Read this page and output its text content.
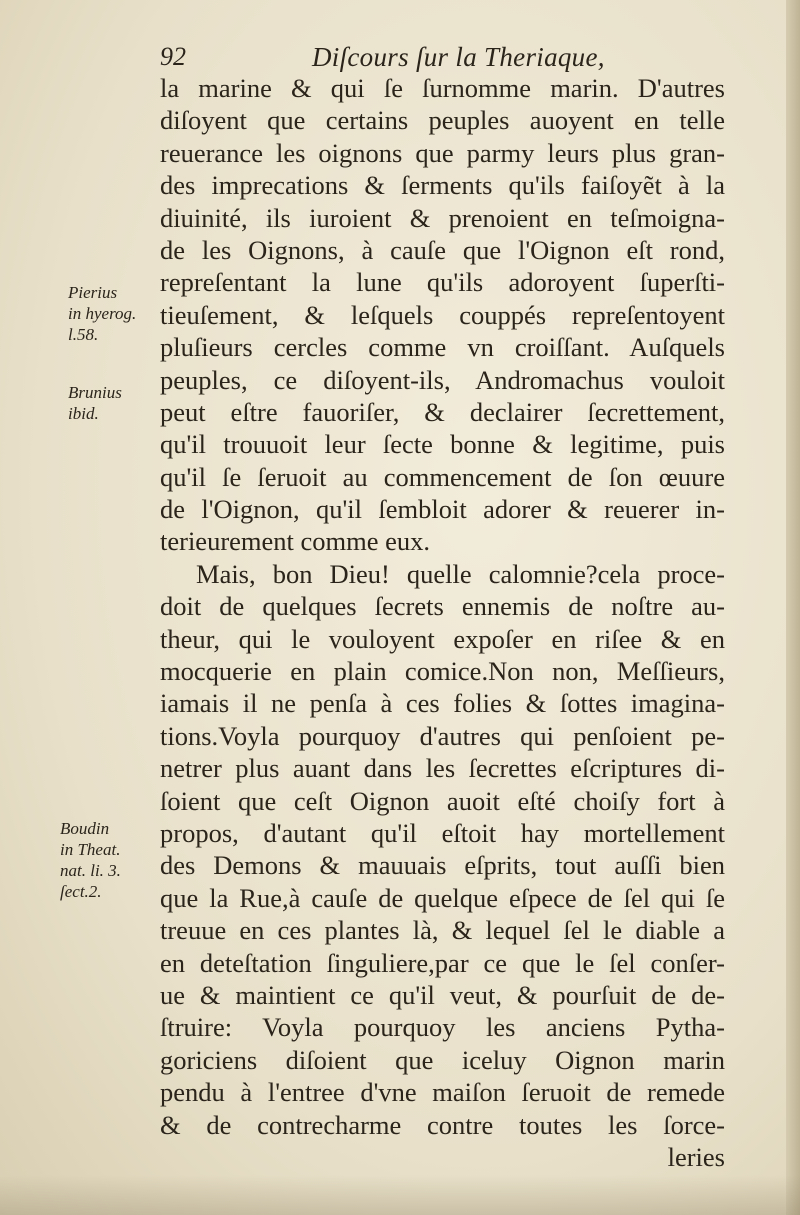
92	Diſcours ſur la Theriaque,
Pierius
in hyerog.
l.58.
Brunius
ibid.
Boudin
in Theat.
nat. li. 3.
ſect.2.
la marine & qui ſe ſurnomme marin. D'autres
diſoyent que certains peuples auoyent en telle
reuerance les oignons que parmy leurs plus gran-
des imprecations & ſerments qu'ils faiſoyẽt à la
diuinité, ils iuroient & prenoient en teſmoigna-
de les Oignons, à cauſe que l'Oignon eſt rond,
repreſentant la lune qu'ils adoroyent ſuperſti-
tieuſement, & leſquels couppés repreſentoyent
pluſieurs cercles comme vn croiſſant. Auſquels
peuples, ce diſoyent-ils, Andromachus vouloit
peut eſtre fauoriſer, & declairer ſecrettement,
qu'il trouuoit leur ſecte bonne & legitime, puis
qu'il ſe ſeruoit au commencement de ſon œuure
de l'Oignon, qu'il ſembloit adorer & reuerer in-
terieurement comme eux.
Mais, bon Dieu! quelle calomnie?cela proce-
doit de quelques ſecrets ennemis de noſtre au-
theur, qui le vouloyent expoſer en riſee & en
mocquerie en plain comice.Non non, Meſſieurs,
iamais il ne penſa à ces folies & ſottes imagina-
tions.Voyla pourquoy d'autres qui penſoient pe-
netrer plus auant dans les ſecrettes eſcriptures di-
ſoient que ceſt Oignon auoit eſté choiſy fort à
propos, d'autant qu'il eſtoit hay mortellement
des Demons & mauuais eſprits, tout auſſi bien
que la Rue,à cauſe de quelque eſpece de ſel qui ſe
treuue en ces plantes là, & lequel ſel le diable a
en deteſtation ſinguliere,par ce que le ſel conſer-
ue & maintient ce qu'il veut, & pourſuit de de-
ſtruire: Voyla pourquoy les anciens Pytha-
goriciens diſoient que iceluy Oignon marin
pendu à l'entree d'vne maiſon ſeruoit de remede
& de contrecharme contre toutes les ſorce-
leries
